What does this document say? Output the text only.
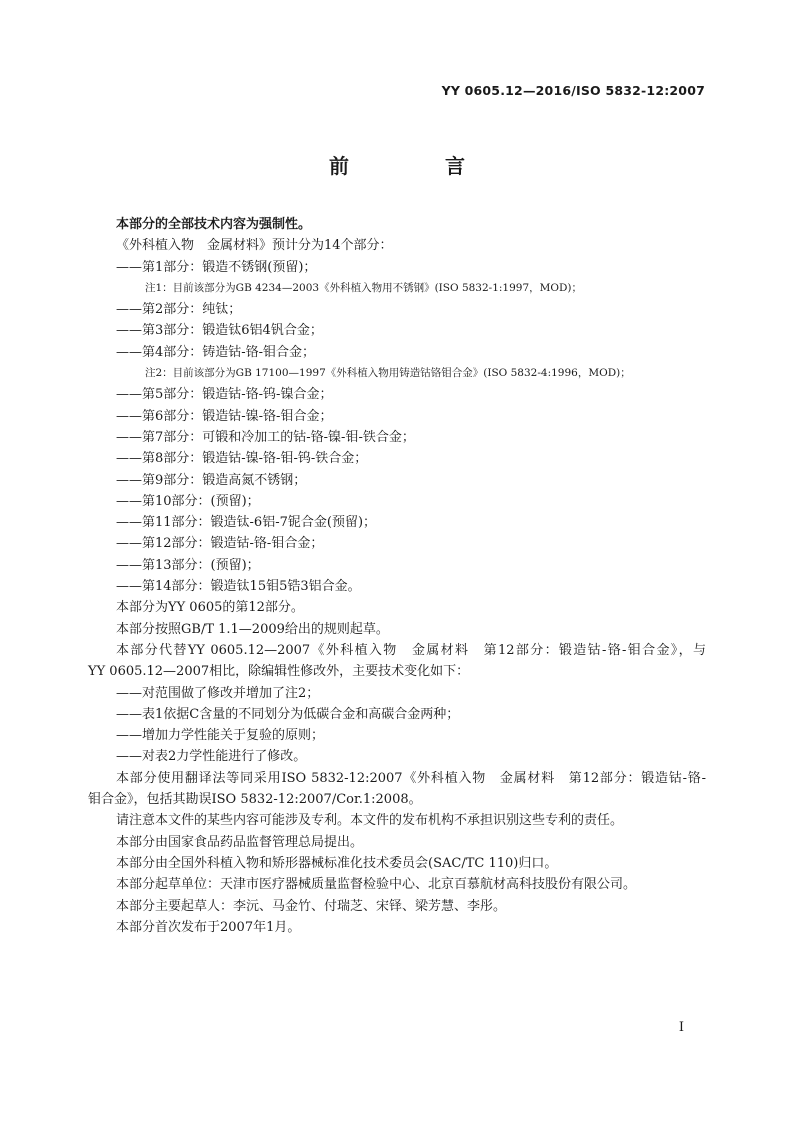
YY 0605.12—2016/ISO 5832-12:2007
前　言
本部分的全部技术内容为强制性。
《外科植入物　金属材料》预计分为14个部分：
——第1部分：锻造不锈钢(预留)；
注1：目前该部分为GB 4234—2003《外科植入物用不锈钢》(ISO 5832-1:1997，MOD)；
——第2部分：纯钛；
——第3部分：锻造钛6铝4钒合金；
——第4部分：铸造钴-铬-钼合金；
注2：目前该部分为GB 17100—1997《外科植入物用铸造钴铬钼合金》(ISO 5832-4:1996，MOD)；
——第5部分：锻造钴-铬-钨-镍合金；
——第6部分：锻造钴-镍-铬-钼合金；
——第7部分：可锻和冷加工的钴-铬-镍-钼-铁合金；
——第8部分：锻造钴-镍-铬-钼-钨-铁合金；
——第9部分：锻造高氮不锈钢；
——第10部分：(预留)；
——第11部分：锻造钛-6铝-7铌合金(预留)；
——第12部分：锻造钴-铬-钼合金；
——第13部分：(预留)；
——第14部分：锻造钛15钼5锆3铝合金。
本部分为YY 0605的第12部分。
本部分按照GB/T 1.1—2009给出的规则起草。
本部分代替YY 0605.12—2007《外科植入物　金属材料　第12部分：锻造钴-铬-钼合金》，与
YY 0605.12—2007相比，除编辑性修改外，主要技术变化如下：
——对范围做了修改并增加了注2；
——表1依据C含量的不同划分为低碳合金和高碳合金两种；
——增加力学性能关于复验的原则；
——对表2力学性能进行了修改。
本部分使用翻译法等同采用ISO 5832-12:2007《外科植入物　金属材料　第12部分：锻造钴-铬-
钼合金》，包括其勘误ISO 5832-12:2007/Cor.1:2008。
请注意本文件的某些内容可能涉及专利。本文件的发布机构不承担识别这些专利的责任。
本部分由国家食品药品监督管理总局提出。
本部分由全国外科植入物和矫形器械标准化技术委员会(SAC/TC 110)归口。
本部分起草单位：天津市医疗器械质量监督检验中心、北京百慕航材高科技股份有限公司。
本部分主要起草人：李沅、马金竹、付瑞芝、宋铎、梁芳慧、李彤。
本部分首次发布于2007年1月。
I
